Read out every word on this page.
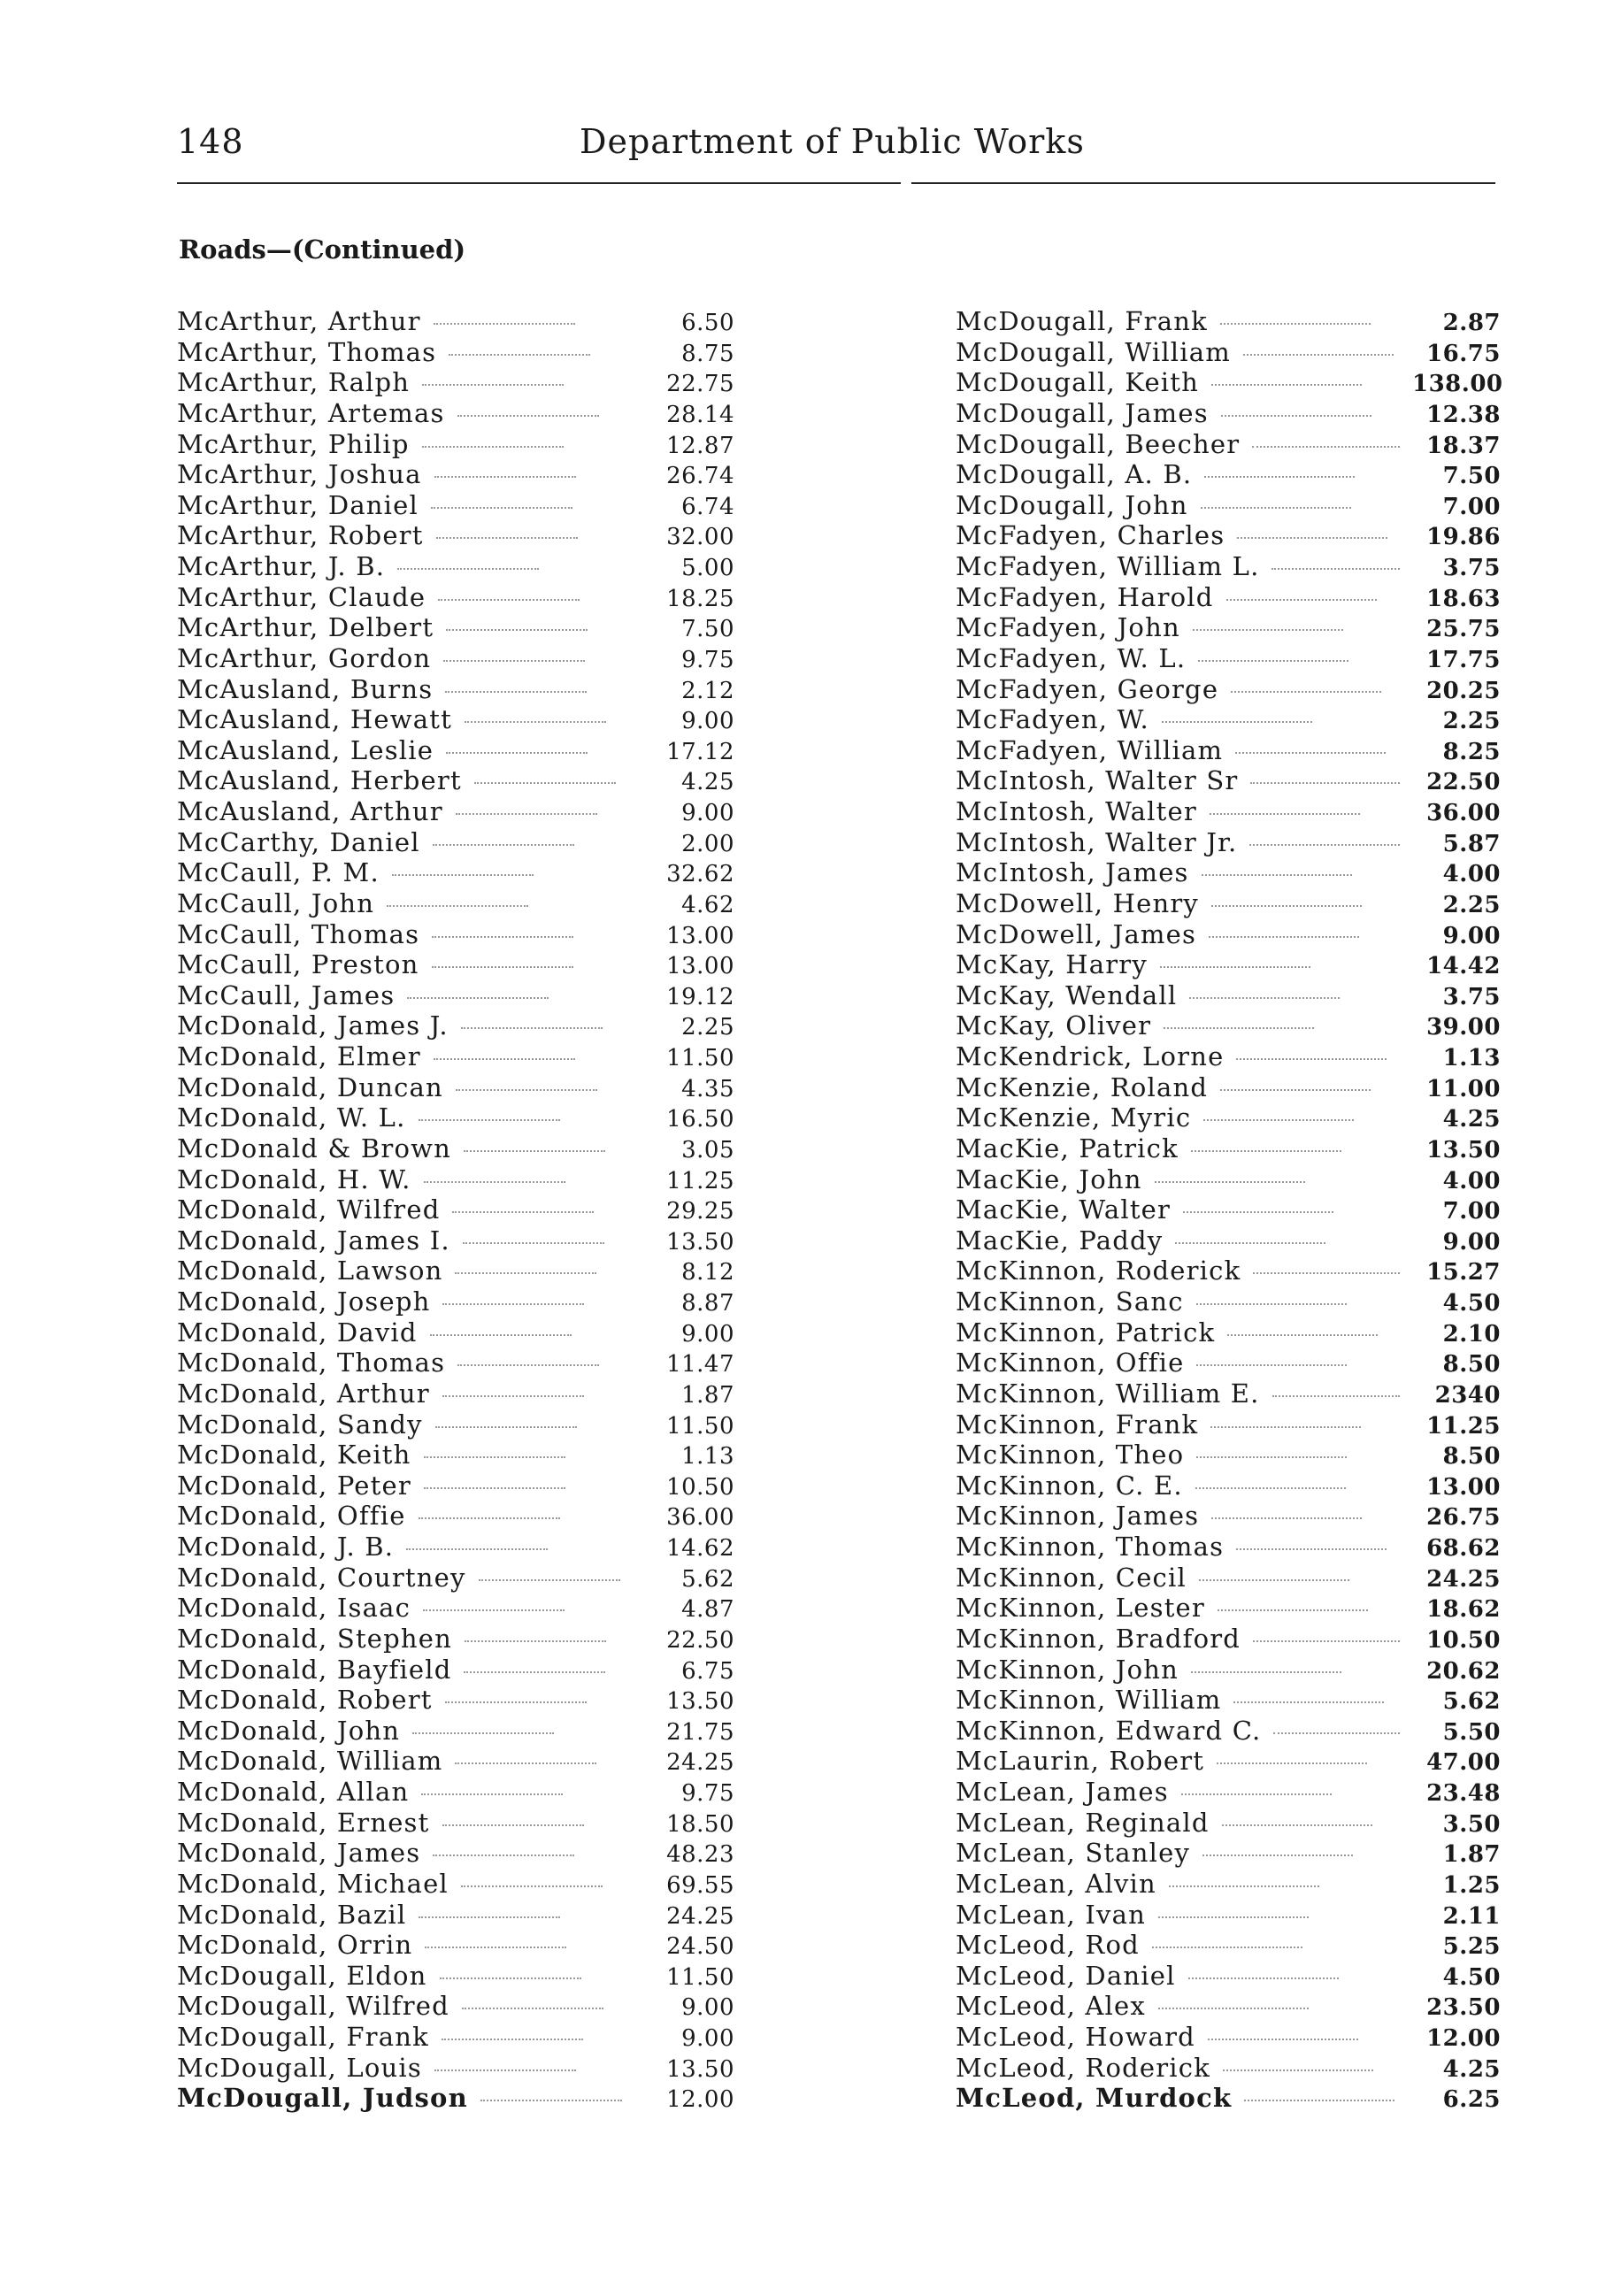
148	Department of Public Works
Roads—(Continued)
McArthur, Arthur	6.50
McArthur, Thomas	8.75
McArthur, Ralph	22.75
McArthur, Artemas	28.14
McArthur, Philip	12.87
McArthur, Joshua	26.74
McArthur, Daniel	6.74
McArthur, Robert	32.00
McArthur, J. B.	5.00
McArthur, Claude	18.25
McArthur, Delbert	7.50
McArthur, Gordon	9.75
McAusland, Burns	2.12
McAusland, Hewatt	9.00
McAusland, Leslie	17.12
McAusland, Herbert	4.25
McAusland, Arthur	9.00
McCarthy, Daniel	2.00
McCaull, P. M.	32.62
McCaull, John	4.62
McCaull, Thomas	13.00
McCaull, Preston	13.00
McCaull, James	19.12
McDonald, James J.	2.25
McDonald, Elmer	11.50
McDonald, Duncan	4.35
McDonald, W. L.	16.50
McDonald & Brown	3.05
McDonald, H. W.	11.25
McDonald, Wilfred	29.25
McDonald, James I.	13.50
McDonald, Lawson	8.12
McDonald, Joseph	8.87
McDonald, David	9.00
McDonald, Thomas	11.47
McDonald, Arthur	1.87
McDonald, Sandy	11.50
McDonald, Keith	1.13
McDonald, Peter	10.50
McDonald, Offie	36.00
McDonald, J. B.	14.62
McDonald, Courtney	5.62
McDonald, Isaac	4.87
McDonald, Stephen	22.50
McDonald, Bayfield	6.75
McDonald, Robert	13.50
McDonald, John	21.75
McDonald, William	24.25
McDonald, Allan	9.75
McDonald, Ernest	18.50
McDonald, James	48.23
McDonald, Michael	69.55
McDonald, Bazil	24.25
McDonald, Orrin	24.50
McDougall, Eldon	11.50
McDougall, Wilfred	9.00
McDougall, Frank	9.00
McDougall, Louis	13.50
McDougall, Judson	12.00
McDougall, Frank	2.87
McDougall, William	16.75
McDougall, Keith	138.00
McDougall, James	12.38
McDougall, Beecher	18.37
McDougall, A. B.	7.50
McDougall, John	7.00
McFadyen, Charles	19.86
McFadyen, William L.	3.75
McFadyen, Harold	18.63
McFadyen, John	25.75
McFadyen, W. L.	17.75
McFadyen, George	20.25
McFadyen, W.	2.25
McFadyen, William	8.25
McIntosh, Walter Sr	22.50
McIntosh, Walter	36.00
McIntosh, Walter Jr.	5.87
McIntosh, James	4.00
McDowell, Henry	2.25
McDowell, James	9.00
McKay, Harry	14.42
McKay, Wendall	3.75
McKay, Oliver	39.00
McKendrick, Lorne	1.13
McKenzie, Roland	11.00
McKenzie, Myric	4.25
MacKie, Patrick	13.50
MacKie, John	4.00
MacKie, Walter	7.00
MacKie, Paddy	9.00
McKinnon, Roderick	15.27
McKinnon, Sanc	4.50
McKinnon, Patrick	2.10
McKinnon, Offie	8.50
McKinnon, William E.	2340
McKinnon, Frank	11.25
McKinnon, Theo	8.50
McKinnon, C. E.	13.00
McKinnon, James	26.75
McKinnon, Thomas	68.62
McKinnon, Cecil	24.25
McKinnon, Lester	18.62
McKinnon, Bradford	10.50
McKinnon, John	20.62
McKinnon, William	5.62
McKinnon, Edward C.	5.50
McLaurin, Robert	47.00
McLean, James	23.48
McLean, Reginald	3.50
McLean, Stanley	1.87
McLean, Alvin	1.25
McLean, Ivan	2.11
McLeod, Rod	5.25
McLeod, Daniel	4.50
McLeod, Alex	23.50
McLeod, Howard	12.00
McLeod, Roderick	4.25
McLeod, Murdock	6.25
